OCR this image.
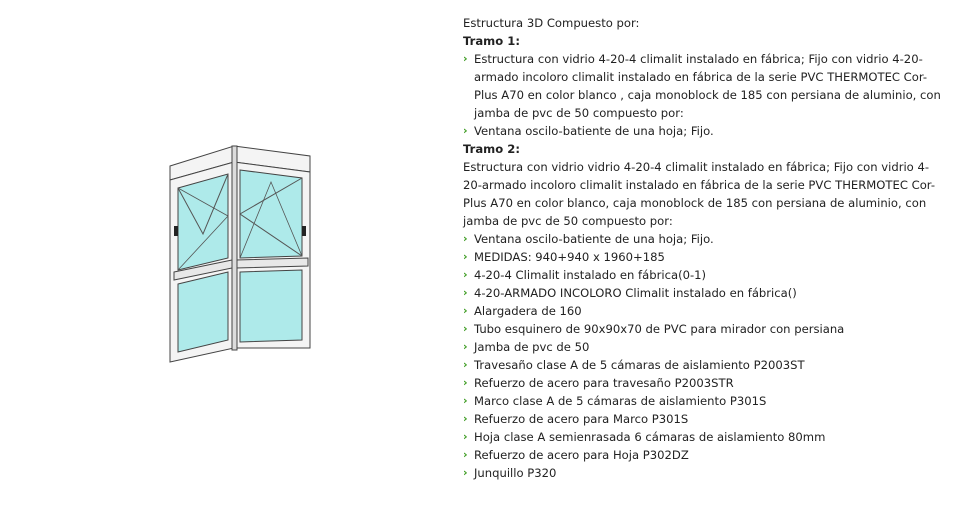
Estructura 3D Compuesto por:

Tramo 1:

› Estructura con vidrio 4-20-4 climalit instalado en fábrica; Fijo con vidrio 4-20-armado incoloro climalit instalado en fábrica de la serie PVC THERMOTEC Cor-Plus A70 en color blanco , caja monoblock de 185 con persiana de aluminio, con jamba de pvc de 50 compuesto por:

› Ventana oscilo-batiente de una hoja; Fijo.

Tramo 2:

Estructura con vidrio vidrio 4-20-4 climalit instalado en fábrica; Fijo con vidrio 4-20-armado incoloro climalit instalado en fábrica de la serie PVC THERMOTEC Cor-Plus A70 en color blanco, caja monoblock de 185 con persiana de aluminio, con jamba de pvc de 50 compuesto por:

› Ventana oscilo-batiente de una hoja; Fijo.

› MEDIDAS: 940+940 x 1960+185

› 4-20-4 Climalit instalado en fábrica(0-1)

› 4-20-ARMADO INCOLORO Climalit instalado en fábrica()

› Alargadera de 160

› Tubo esquinero de 90x90x70 de PVC para mirador con persiana

› Jamba de pvc de 50

› Travesaño clase A de 5 cámaras de aislamiento P2003ST

› Refuerzo de acero para travesaño P2003STR

› Marco clase A de 5 cámaras de aislamiento P301S

› Refuerzo de acero para Marco P301S

› Hoja clase A semienrasada 6 cámaras de aislamiento 80mm

› Refuerzo de acero para Hoja P302DZ

› Junquillo P320
